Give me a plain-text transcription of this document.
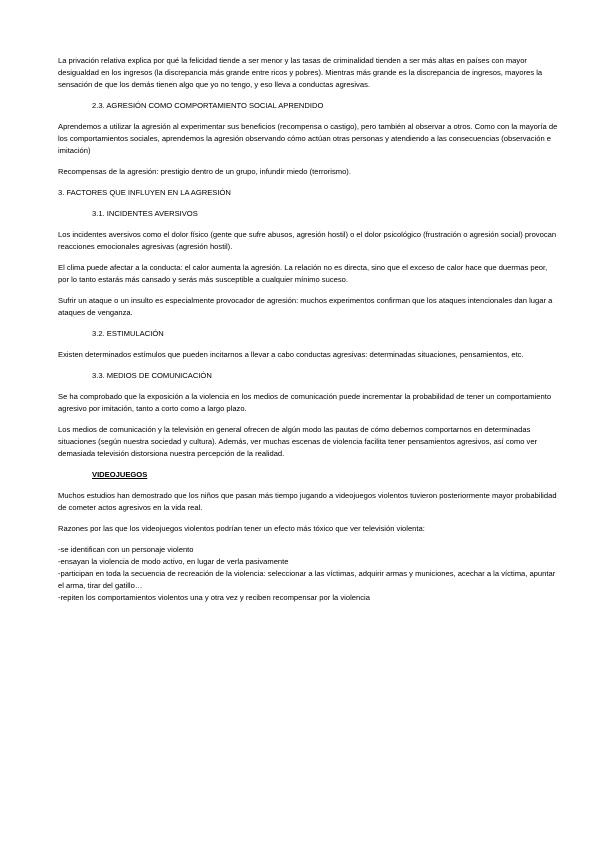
La privación relativa explica por qué la felicidad tiende a ser menor y las tasas de criminalidad tienden a ser más altas en países con mayor desigualdad en los ingresos (la discrepancia más grande entre ricos y pobres). Mientras más grande es la discrepancia de ingresos, mayores la sensación de que los demás tienen algo que yo no tengo, y eso lleva a conductas agresivas.

2.3. AGRESIÓN COMO COMPORTAMIENTO SOCIAL APRENDIDO

Aprendemos a utilizar la agresión al experimentar sus beneficios (recompensa o castigo), pero también al observar a otros. Como con la mayoría de los comportamientos sociales, aprendemos la agresión observando cómo actúan otras personas y atendiendo a las consecuencias (observación e imitación)

Recompensas de la agresión: prestigio dentro de un grupo, infundir miedo (terrorismo).

3. FACTORES QUE INFLUYEN EN LA AGRESIÓN

3.1. INCIDENTES AVERSIVOS

Los incidentes aversivos como el dolor físico (gente que sufre abusos, agresión hostil) o el dolor psicológico (frustración o agresión social) provocan reacciones emocionales agresivas (agresión hostil).

El clima puede afectar a la conducta: el calor aumenta la agresión. La relación no es directa, sino que el exceso de calor hace que duermas peor, por lo tanto estarás más cansado y serás más susceptible a cualquier mínimo suceso.

Sufrir un ataque o un insulto es especialmente provocador de agresión: muchos experimentos confirman que los ataques intencionales dan lugar a ataques de venganza.

3.2. ESTIMULACIÓN

Existen determinados estímulos que pueden incitarnos a llevar a cabo conductas agresivas: determinadas situaciones, pensamientos, etc.

3.3. MEDIOS DE COMUNICACIÓN

Se ha comprobado que la exposición a la violencia en los medios de comunicación puede incrementar la probabilidad de tener un comportamiento agresivo por imitación, tanto a corto como a largo plazo.

Los medios de comunicación y la televisión en general ofrecen de algún modo las pautas de cómo debernos comportarnos en determinadas situaciones (según nuestra sociedad y cultura). Además, ver muchas escenas de violencia facilita tener pensamientos agresivos, así como ver demasiada televisión distorsiona nuestra percepción de la realidad.

VIDEOJUEGOS

Muchos estudios han demostrado que los niños que pasan más tiempo jugando a videojuegos violentos tuvieron posteriormente mayor probabilidad de cometer actos agresivos en la vida real.

Razones por las que los videojuegos violentos podrían tener un efecto más tóxico que ver televisión violenta:

-se identifican con un personaje violento

-ensayan la violencia de modo activo, en lugar de verla pasivamente

-participan en toda la secuencia de recreación de la violencia: seleccionar a las víctimas, adquirir armas y municiones, acechar a la víctima, apuntar el arma, tirar del gatillo…

-repiten los comportamientos violentos una y otra vez y reciben recompensar por la violencia
